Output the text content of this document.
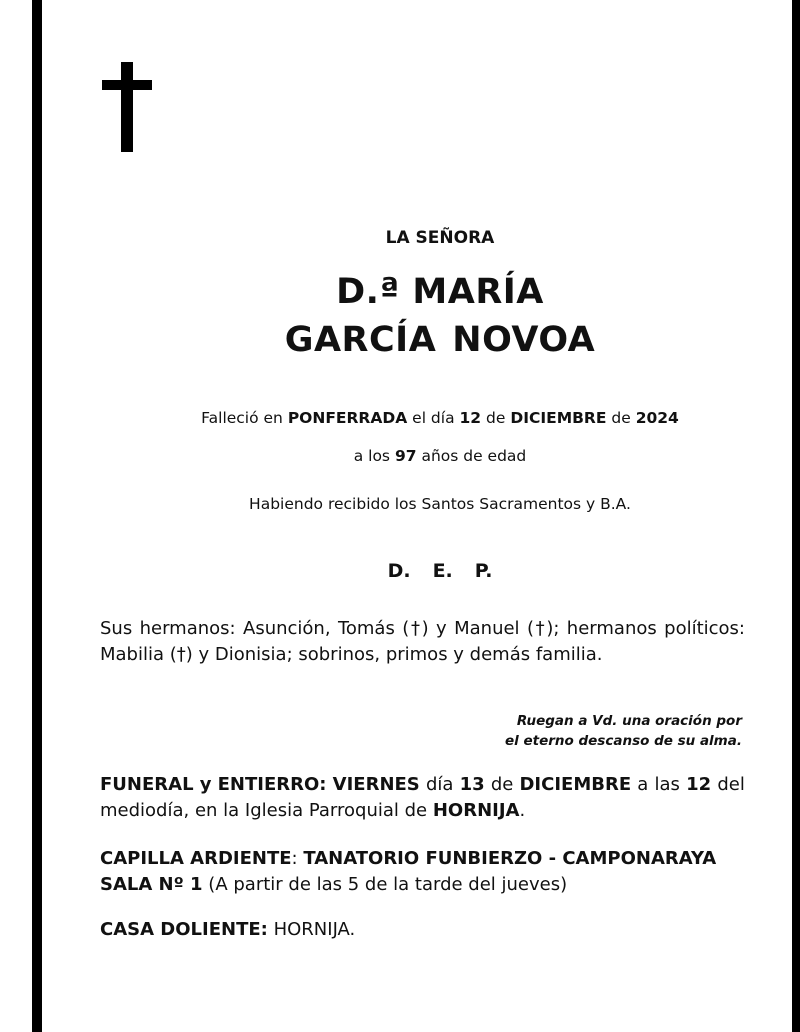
LA SEÑORA
D.ª MARÍA
GARCÍA NOVOA
Falleció en PONFERRADA el día 12 de DICIEMBRE de 2024
a los 97 años de edad
Habiendo recibido los Santos Sacramentos y B.A.
D. E. P.
Sus hermanos: Asunción, Tomás (†) y Manuel (†); hermanos políticos: Mabilia (†) y Dionisia; sobrinos, primos y demás familia.
Ruegan a Vd. una oración por
el eterno descanso de su alma.
FUNERAL y ENTIERRO: VIERNES día 13 de DICIEMBRE a las 12 del
mediodía, en la Iglesia Parroquial de HORNIJA.
CAPILLA ARDIENTE: TANATORIO FUNBIERZO - CAMPONARAYA
SALA Nº 1 (A partir de las 5 de la tarde del jueves)
CASA DOLIENTE: HORNIJA.
